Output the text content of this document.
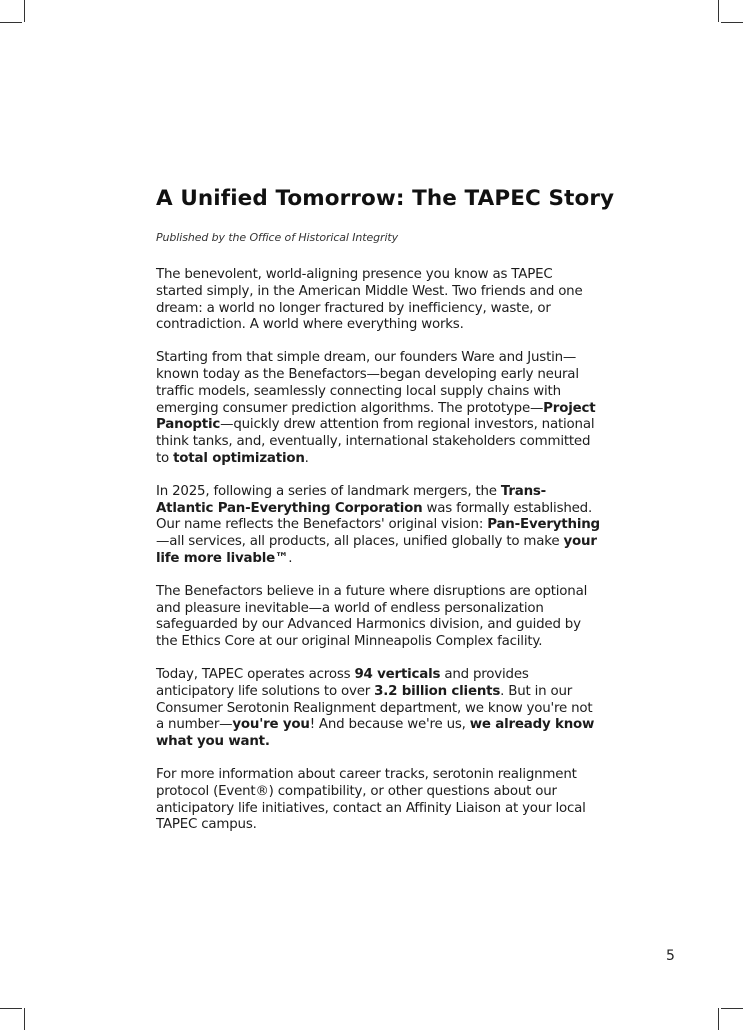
A Unified Tomorrow: The TAPEC Story

Published by the Office of Historical Integrity

The benevolent, world-aligning presence you know as TAPEC started simply, in the American Middle West. Two friends and one dream: a world no longer fractured by inefficiency, waste, or contradiction. A world where everything works.

Starting from that simple dream, our founders Ware and Justin—known today as the Benefactors—began developing early neural traffic models, seamlessly connecting local supply chains with emerging consumer prediction algorithms. The prototype—Project Panoptic—quickly drew attention from regional investors, national think tanks, and, eventually, international stakeholders committed to total optimization.

In 2025, following a series of landmark mergers, the Trans-Atlantic Pan-Everything Corporation was formally established. Our name reflects the Benefactors' original vision: Pan-Everything—all services, all products, all places, unified globally to make your life more livable™.

The Benefactors believe in a future where disruptions are optional and pleasure inevitable—a world of endless personalization safeguarded by our Advanced Harmonics division, and guided by the Ethics Core at our original Minneapolis Complex facility.

Today, TAPEC operates across 94 verticals and provides anticipatory life solutions to over 3.2 billion clients. But in our Consumer Serotonin Realignment department, we know you're not a number—you're you! And because we're us, we already know what you want.

For more information about career tracks, serotonin realignment protocol (Event®) compatibility, or other questions about our anticipatory life initiatives, contact an Affinity Liaison at your local TAPEC campus.

5
